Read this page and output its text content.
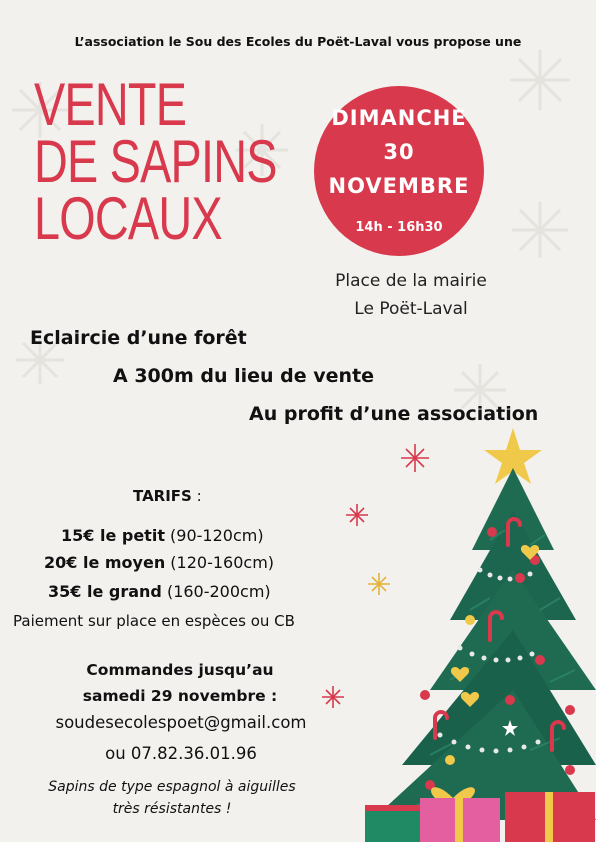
L’association le Sou des Ecoles du Poët-Laval vous propose une
VENTE
DE SAPINS
LOCAUX
DIMANCHE
30
NOVEMBRE
14h - 16h30
Place de la mairie
Le Poët-Laval
Eclaircie d’une forêt
A 300m du lieu de vente
Au profit d’une association
TARIFS :
15€ le petit (90-120cm)
20€ le moyen (120-160cm)
35€ le grand (160-200cm)
Paiement sur place en espèces ou CB
Commandes jusqu’au
samedi 29 novembre :
soudesecolespoet@gmail.com
ou 07.82.36.01.96
Sapins de type espagnol à aiguilles
très résistantes !
